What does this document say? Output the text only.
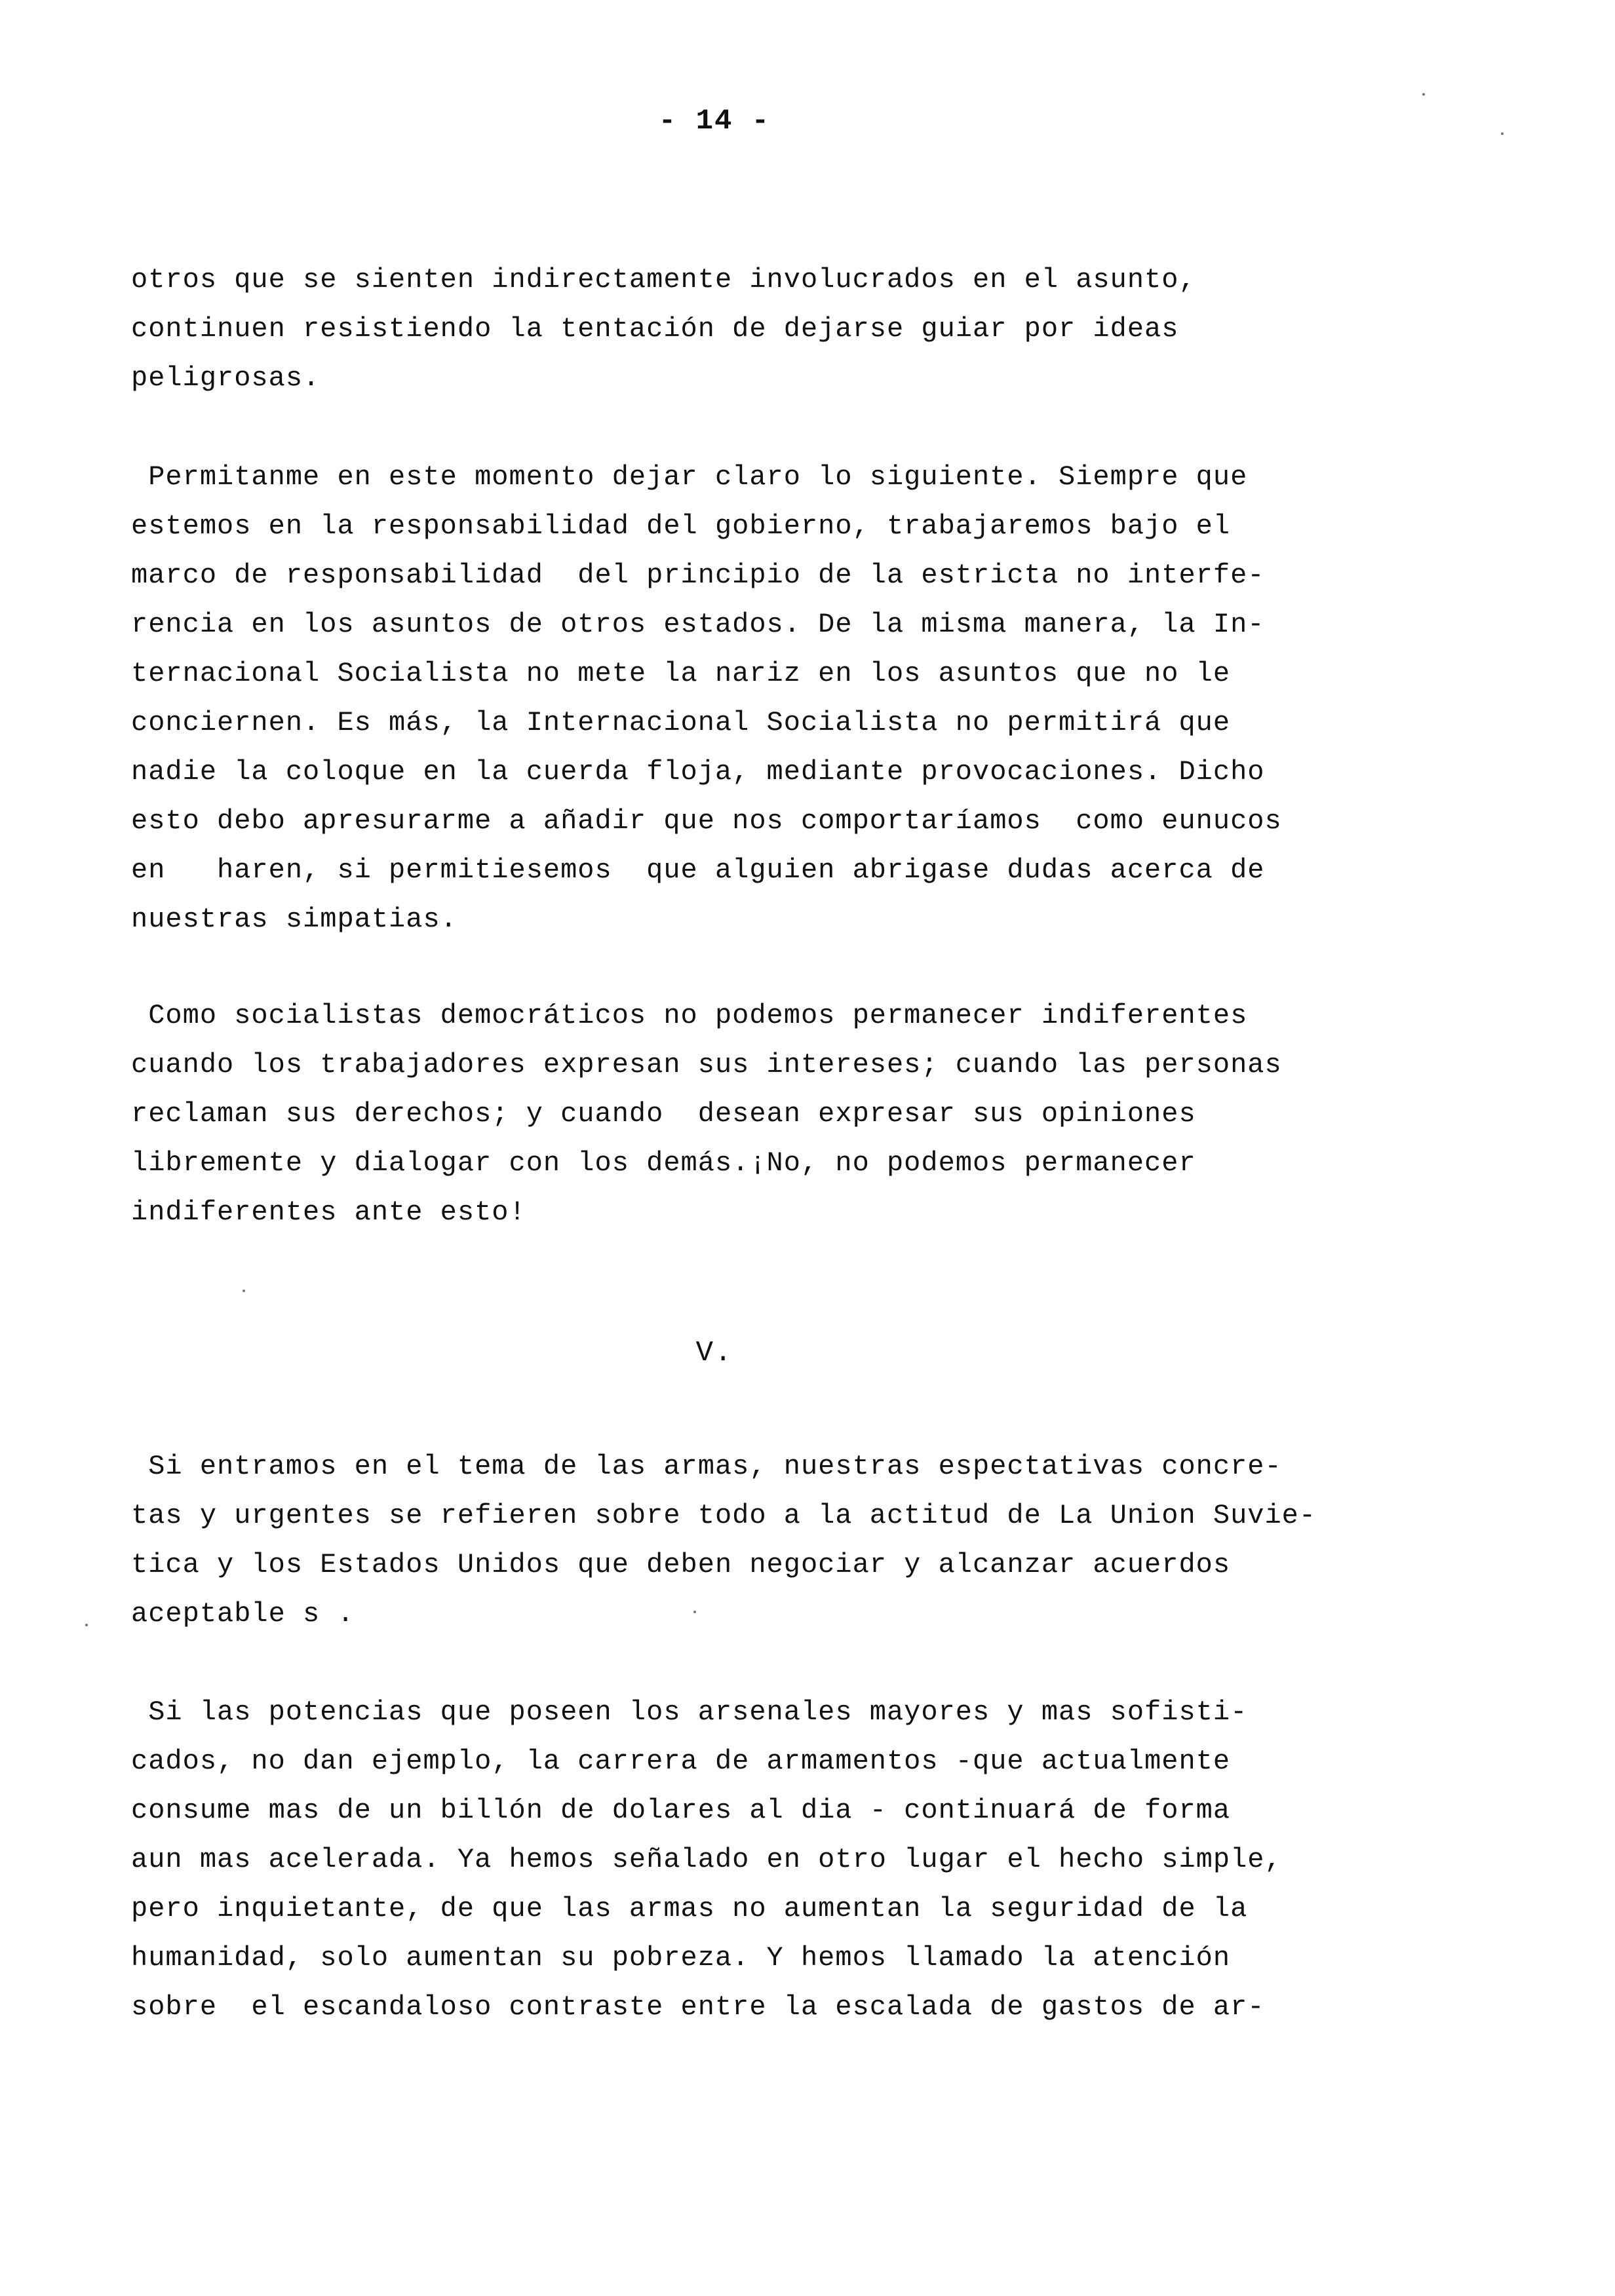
- 14 -
otros que se sienten indirectamente involucrados en el asunto,
continuen resistiendo la tentación de dejarse guiar por ideas
peligrosas.
Permitanme en este momento dejar claro lo siguiente. Siempre que
estemos en la responsabilidad del gobierno, trabajaremos bajo el
marco de responsabilidad  del principio de la estricta no interfe-
rencia en los asuntos de otros estados. De la misma manera, la In-
ternacional Socialista no mete la nariz en los asuntos que no le
conciernen. Es más, la Internacional Socialista no permitirá que
nadie la coloque en la cuerda floja, mediante provocaciones. Dicho
esto debo apresurarme a añadir que nos comportaríamos  como eunucos
en   haren, si permitiesemos  que alguien abrigase dudas acerca de
nuestras simpatias.
Como socialistas democráticos no podemos permanecer indiferentes
cuando los trabajadores expresan sus intereses; cuando las personas
reclaman sus derechos; y cuando  desean expresar sus opiniones
libremente y dialogar con los demás.¡No, no podemos permanecer
indiferentes ante esto!
V.
Si entramos en el tema de las armas, nuestras espectativas concre-
tas y urgentes se refieren sobre todo a la actitud de La Union Suvie-
tica y los Estados Unidos que deben negociar y alcanzar acuerdos
aceptable s .
Si las potencias que poseen los arsenales mayores y mas sofisti-
cados, no dan ejemplo, la carrera de armamentos -que actualmente
consume mas de un billón de dolares al dia - continuará de forma
aun mas acelerada. Ya hemos señalado en otro lugar el hecho simple,
pero inquietante, de que las armas no aumentan la seguridad de la
humanidad, solo aumentan su pobreza. Y hemos llamado la atención
sobre  el escandaloso contraste entre la escalada de gastos de ar-
